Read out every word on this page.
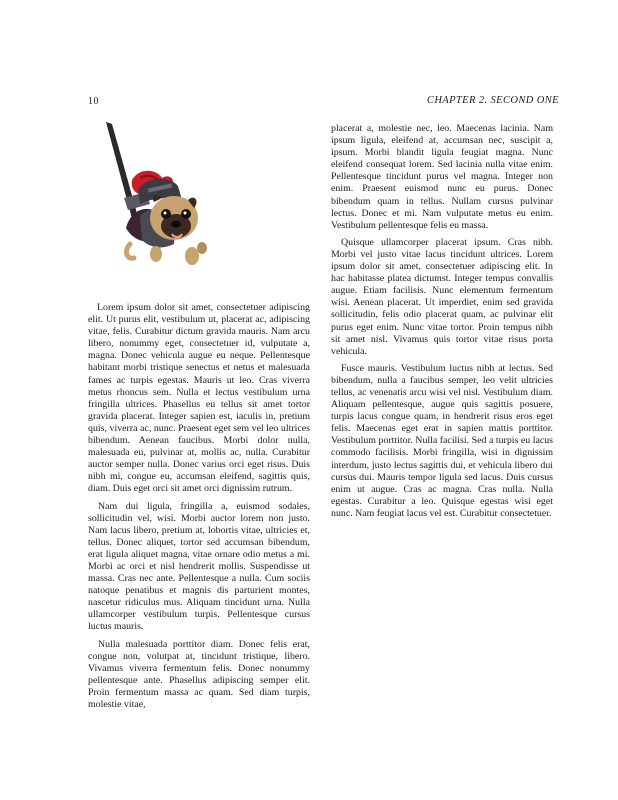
10	CHAPTER 2. SECOND ONE

Lorem ipsum dolor sit amet, consectetuer adipiscing elit. Ut purus elit, vestibulum ut, placerat ac, adipiscing vitae, felis. Curabitur dictum gravida mauris. Nam arcu libero, nonummy eget, consectetuer id, vulputate a, magna. Donec vehicula augue eu neque. Pellentesque habitant morbi tristique senectus et netus et malesuada fames ac turpis egestas. Mauris ut leo. Cras viverra metus rhoncus sem. Nulla et lectus vestibulum urna fringilla ultrices. Phasellus eu tellus sit amet tortor gravida placerat. Integer sapien est, iaculis in, pretium quis, viverra ac, nunc. Praesent eget sem vel leo ultrices bibendum. Aenean faucibus. Morbi dolor nulla, malesuada eu, pulvinar at, mollis ac, nulla. Curabitur auctor semper nulla. Donec varius orci eget risus. Duis nibh mi, congue eu, accumsan eleifend, sagittis quis, diam. Duis eget orci sit amet orci dignissim rutrum.

Nam dui ligula, fringilla a, euismod sodales, sollicitudin vel, wisi. Morbi auctor lorem non justo. Nam lacus libero, pretium at, lobortis vitae, ultricies et, tellus. Donec aliquet, tortor sed accumsan bibendum, erat ligula aliquet magna, vitae ornare odio metus a mi. Morbi ac orci et nisl hendrerit mollis. Suspendisse ut massa. Cras nec ante. Pellentesque a nulla. Cum sociis natoque penatibus et magnis dis parturient montes, nascetur ridiculus mus. Aliquam tincidunt urna. Nulla ullamcorper vestibulum turpis. Pellentesque cursus luctus mauris.

Nulla malesuada porttitor diam. Donec felis erat, congue non, volutpat at, tincidunt tristique, libero. Vivamus viverra fermentum felis. Donec nonummy pellentesque ante. Phasellus adipiscing semper elit. Proin fermentum massa ac quam. Sed diam turpis, molestie vitae,

placerat a, molestie nec, leo. Maecenas lacinia. Nam ipsum ligula, eleifend at, accumsan nec, suscipit a, ipsum. Morbi blandit ligula feugiat magna. Nunc eleifend consequat lorem. Sed lacinia nulla vitae enim. Pellentesque tincidunt purus vel magna. Integer non enim. Praesent euismod nunc eu purus. Donec bibendum quam in tellus. Nullam cursus pulvinar lectus. Donec et mi. Nam vulputate metus eu enim. Vestibulum pellentesque felis eu massa.

Quisque ullamcorper placerat ipsum. Cras nibh. Morbi vel justo vitae lacus tincidunt ultrices. Lorem ipsum dolor sit amet, consectetuer adipiscing elit. In hac habitasse platea dictumst. Integer tempus convallis augue. Etiam facilisis. Nunc elementum fermentum wisi. Aenean placerat. Ut imperdiet, enim sed gravida sollicitudin, felis odio placerat quam, ac pulvinar elit purus eget enim. Nunc vitae tortor. Proin tempus nibh sit amet nisl. Vivamus quis tortor vitae risus porta vehicula.

Fusce mauris. Vestibulum luctus nibh at lectus. Sed bibendum, nulla a faucibus semper, leo velit ultricies tellus, ac venenatis arcu wisi vel nisl. Vestibulum diam. Aliquam pellentesque, augue quis sagittis posuere, turpis lacus congue quam, in hendrerit risus eros eget felis. Maecenas eget erat in sapien mattis porttitor. Vestibulum porttitor. Nulla facilisi. Sed a turpis eu lacus commodo facilisis. Morbi fringilla, wisi in dignissim interdum, justo lectus sagittis dui, et vehicula libero dui cursus dui. Mauris tempor ligula sed lacus. Duis cursus enim ut augue. Cras ac magna. Cras nulla. Nulla egestas. Curabitur a leo. Quisque egestas wisi eget nunc. Nam feugiat lacus vel est. Curabitur consectetuer.
